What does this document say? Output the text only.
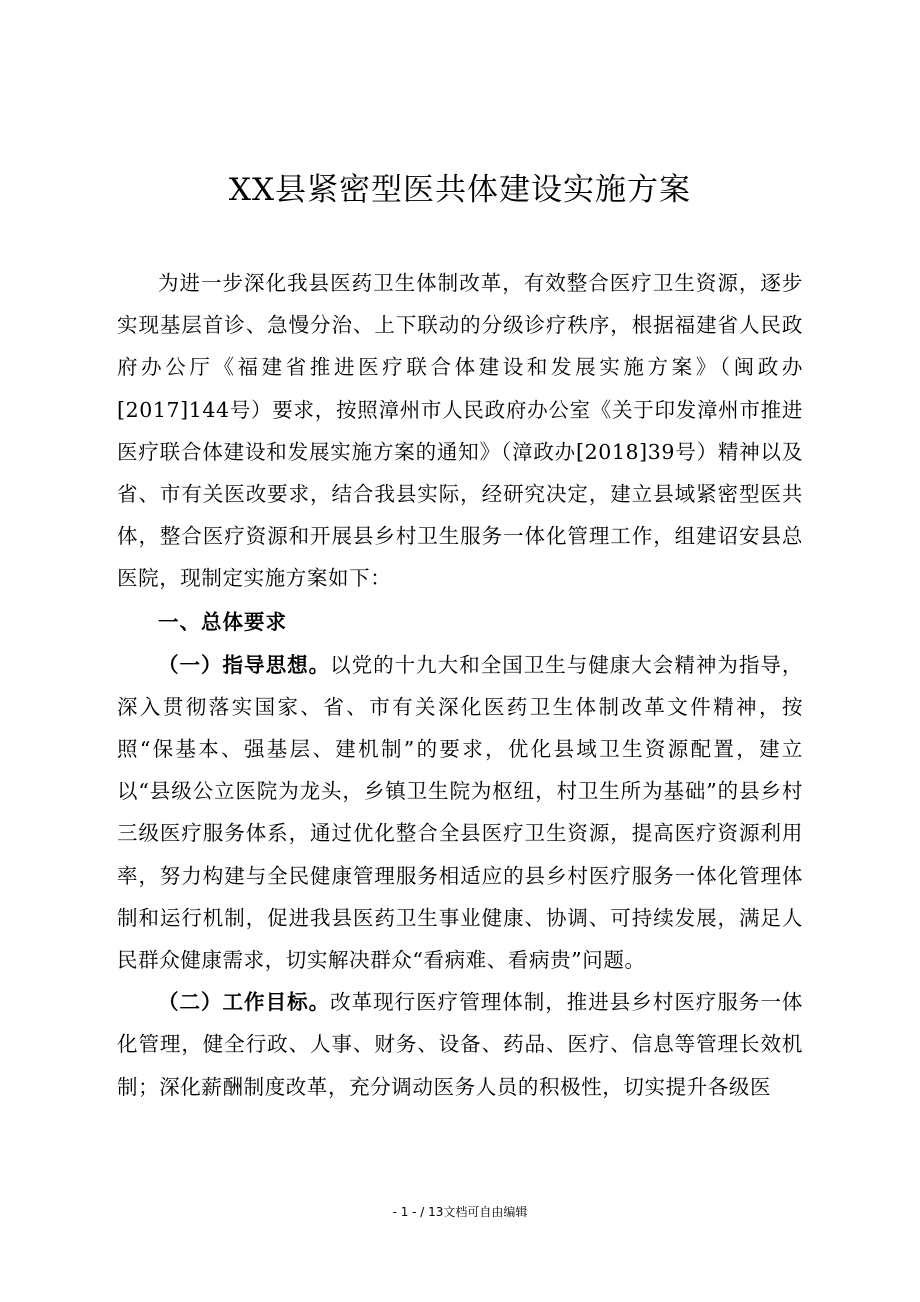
XX县紧密型医共体建设实施方案

为进一步深化我县医药卫生体制改革，有效整合医疗卫生资源，逐步实现基层首诊、急慢分治、上下联动的分级诊疗秩序，根据福建省人民政府办公厅《福建省推进医疗联合体建设和发展实施方案》（闽政办[2017]144号）要求，按照漳州市人民政府办公室《关于印发漳州市推进医疗联合体建设和发展实施方案的通知》（漳政办[2018]39号）精神以及省、市有关医改要求，结合我县实际，经研究决定，建立县域紧密型医共体，整合医疗资源和开展县乡村卫生服务一体化管理工作，组建诏安县总医院，现制定实施方案如下：

一、总体要求

（一）指导思想。以党的十九大和全国卫生与健康大会精神为指导，深入贯彻落实国家、省、市有关深化医药卫生体制改革文件精神，按照“保基本、强基层、建机制”的要求，优化县域卫生资源配置，建立以“县级公立医院为龙头，乡镇卫生院为枢纽，村卫生所为基础”的县乡村三级医疗服务体系，通过优化整合全县医疗卫生资源，提高医疗资源利用率，努力构建与全民健康管理服务相适应的县乡村医疗服务一体化管理体制和运行机制，促进我县医药卫生事业健康、协调、可持续发展，满足人民群众健康需求，切实解决群众“看病难、看病贵”问题。

（二）工作目标。改革现行医疗管理体制，推进县乡村医疗服务一体化管理，健全行政、人事、财务、设备、药品、医疗、信息等管理长效机制；深化薪酬制度改革，充分调动医务人员的积极性，切实提升各级医

- 1 - / 13文档可自由编辑
